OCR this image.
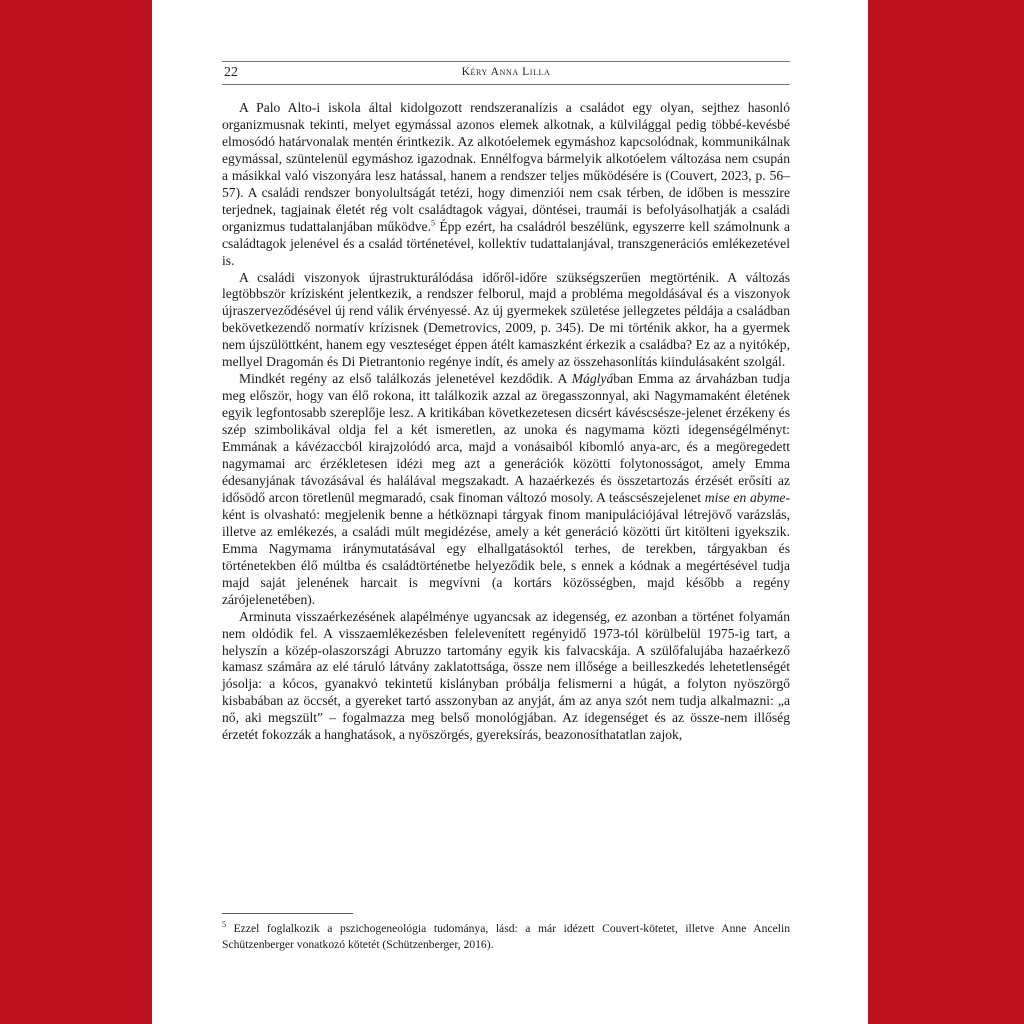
22	Kéry Anna Lilla

A Palo Alto-i iskola által kidolgozott rendszeranalízis a családot egy olyan, sejthez hasonló organizmusnak tekinti, melyet egymással azonos elemek alkotnak, a külvilággal pedig többé-kevésbé elmosódó határvonalak mentén érintkezik. Az alkotóelemek egymáshoz kapcsolódnak, kommunikálnak egymással, szüntelenül egymáshoz igazodnak. Ennélfogva bármelyik alkotóelem változása nem csupán a másikkal való viszonyára lesz hatással, hanem a rendszer teljes működésére is (Couvert, 2023, p. 56–57). A családi rendszer bonyolultságát tetézi, hogy dimenziói nem csak térben, de időben is messzire terjednek, tagjainak életét rég volt családtagok vágyai, döntései, traumái is befolyásolhatják a családi organizmus tudattalanjában működve.$^5$ Épp ezért, ha családról beszélünk, egyszerre kell számolnunk a családtagok jelenével és a család történetével, kollektív tudattalanjával, transzgenerációs emlékezetével is.

A családi viszonyok újrastrukturálódása időről-időre szükségszerűen megtörténik. A változás legtöbbször krízisként jelentkezik, a rendszer felborul, majd a probléma megoldásával és a viszonyok újraszerveződésével új rend válik érvényessé. Az új gyermekek születése jellegzetes példája a családban bekövetkezendő normatív krízisnek (Demetrovics, 2009, p. 345). De mi történik akkor, ha a gyermek nem újszülöttként, hanem egy veszteséget éppen átélt kamaszként érkezik a családba? Ez az a nyitókép, mellyel Dragomán és Di Pietrantonio regénye indít, és amely az összehasonlítás kiindulásaként szolgál.

Mindkét regény az első találkozás jelenetével kezdődik. A Máglyában Emma az árvaházban tudja meg először, hogy van élő rokona, itt találkozik azzal az öregasszonnyal, aki Nagymamaként életének egyik legfontosabb szereplője lesz. A kritikában következetesen dicsért kávéscsésze-jelenet érzékeny és szép szimbolikával oldja fel a két ismeretlen, az unoka és nagymama közti idegenségélményt: Emmának a kávézaccból kirajzolódó arca, majd a vonásaiból kibomló anya-arc, és a megöregedett nagymamai arc érzékletesen idézi meg azt a generációk közötti folytonosságot, amely Emma édesanyjának távozásával és halálával megszakadt. A hazaérkezés és összetartozás érzését erősíti az idősödő arcon töretlenül megmaradó, csak finoman változó mosoly. A teáscsészejelenet mise en abyme-ként is olvasható: megjelenik benne a hétköznapi tárgyak finom manipulációjával létrejövő varázslás, illetve az emlékezés, a családi múlt megidézése, amely a két generáció közötti űrt kitölteni igyekszik. Emma Nagymama iránymutatásával egy elhallgatásoktól terhes, de terekben, tárgyakban és történetekben élő múltba és családtörténetbe helyeződik bele, s ennek a kódnak a megértésével tudja majd saját jelenének harcait is megvívni (a kortárs közösségben, majd később a regény zárójelenetében).

Arminuta visszaérkezésének alapélménye ugyancsak az idegenség, ez azonban a történet folyamán nem oldódik fel. A visszaemlékezésben felelevenített regényidő 1973-tól körülbelül 1975-ig tart, a helyszín a közép-olaszországi Abruzzo tartomány egyik kis falvacskája. A szülőfalujába hazaérkező kamasz számára az elé táruló látvány zaklatottsága, össze nem illősége a beilleszkedés lehetetlenségét jósolja: a kócos, gyanakvó tekintetű kislányban próbálja felismerni a húgát, a folyton nyöszörgő kisbabában az öccsét, a gyereket tartó asszonyban az anyját, ám az anya szót nem tudja alkalmazni: „a nő, aki megszült” – fogalmazza meg belső monológjában. Az idegenséget és az össze-nem illőség érzetét fokozzák a hanghatások, a nyöszörgés, gyereksírás, beazonosíthatatlan zajok,

$^5$ Ezzel foglalkozik a pszichogeneológia tudománya, lásd: a már idézett Couvert-kötetet, illetve Anne Ancelin Schützenberger vonatkozó kötetét (Schützenberger, 2016).
